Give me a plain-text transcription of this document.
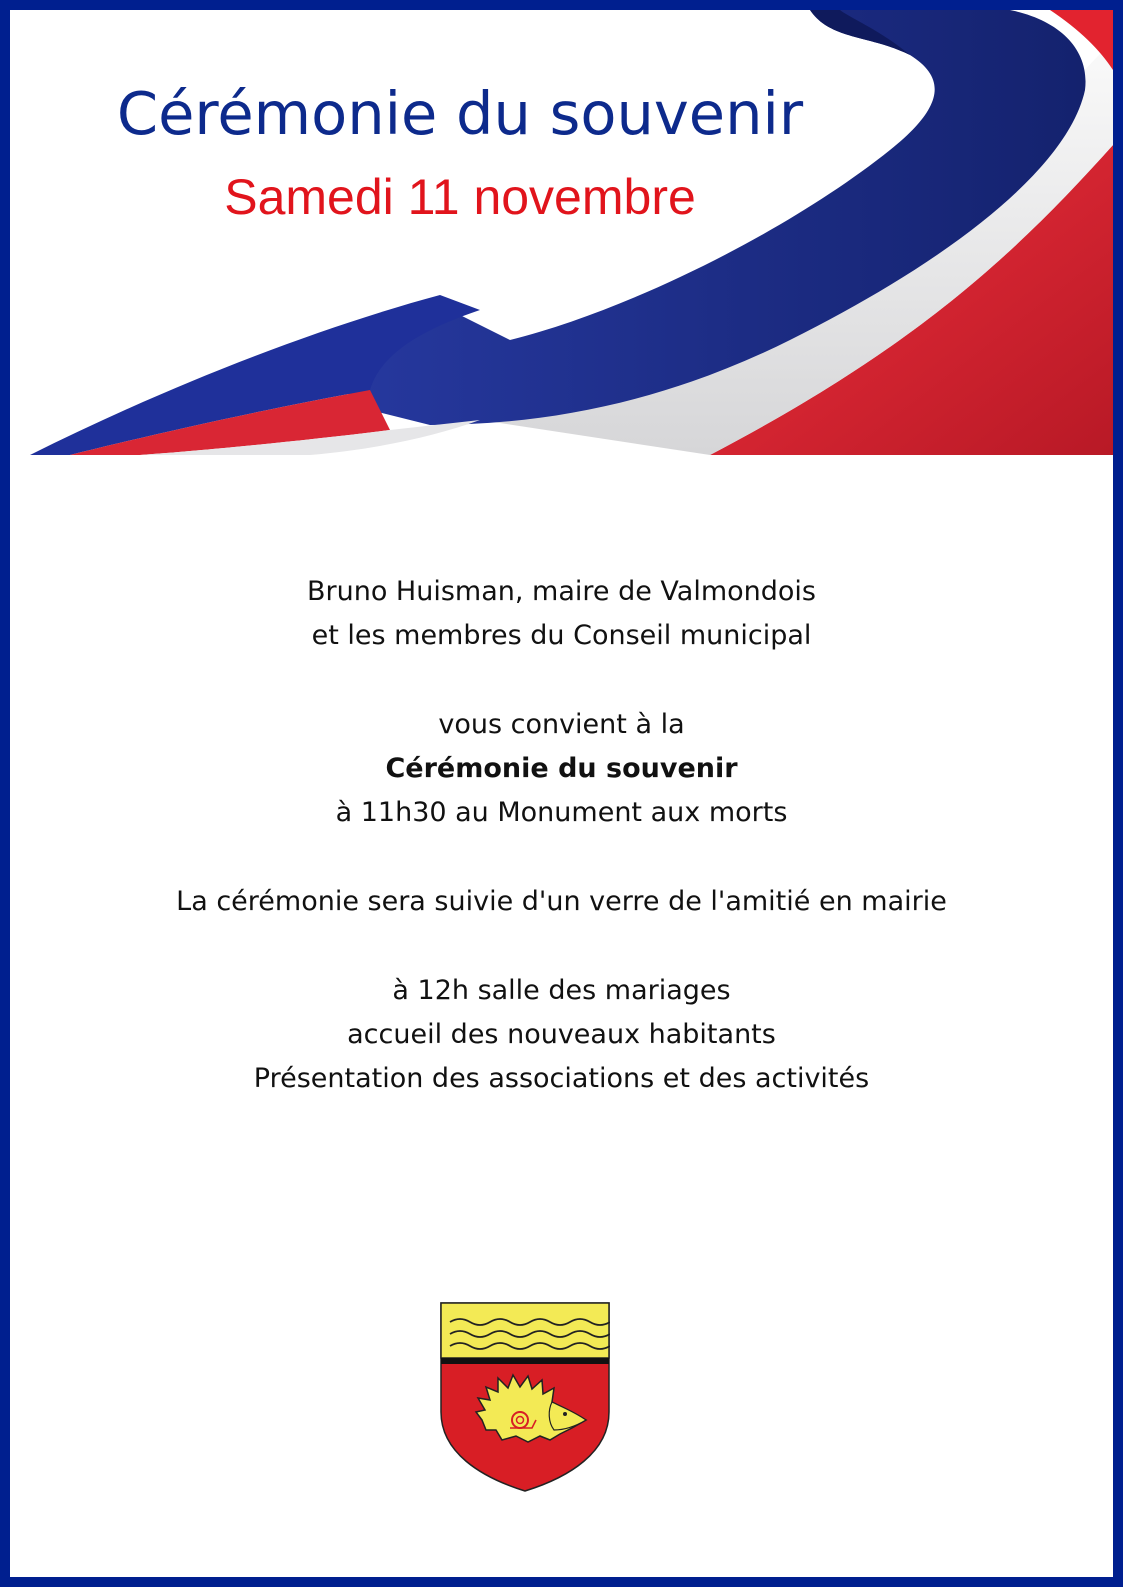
Cérémonie du souvenir
Samedi 11 novembre
Bruno Huisman, maire de Valmondois
et les membres du Conseil municipal
vous convient à la
Cérémonie du souvenir
à 11h30 au Monument aux morts
La cérémonie sera suivie d'un verre de l'amitié en mairie
à 12h salle des mariages
accueil des nouveaux habitants
Présentation des associations et des activités
